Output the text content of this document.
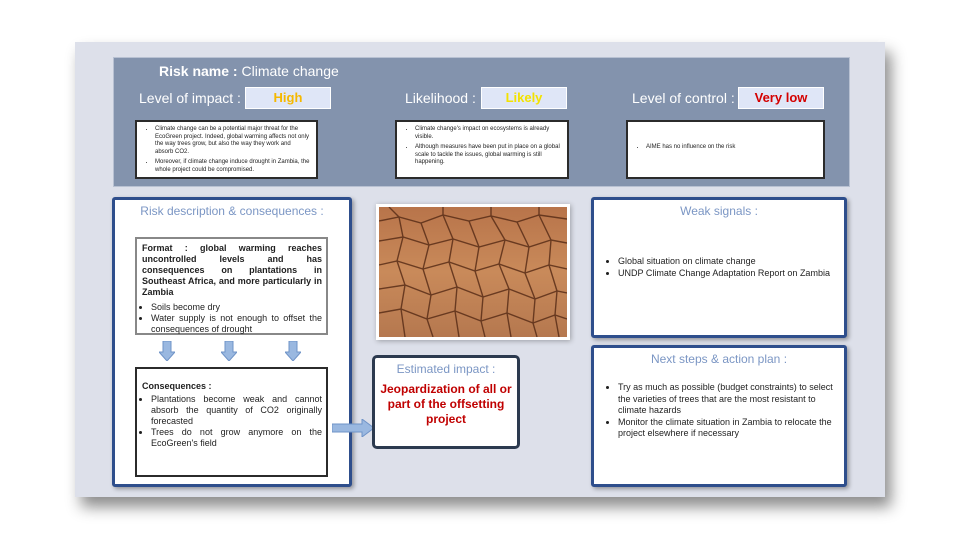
Risk name : Climate change
Level of impact :	High	Likelihood :	Likely	Level of control :	Very low
• Climate change can be a potential major threat for the EcoGreen project. Indeed, global warming affects not only the way trees grow, but also the way they work and absorb CO2.
• Moreover, if climate change induce drought in Zambia, the whole project could be compromised.
• Climate change's impact on ecosystems is already visible.
• Although measures have been put in place on a global scale to tackle the issues, global warming is still happening.
• AIME has no influence on the risk
Risk description & consequences :
Format : global warming reaches uncontrolled levels and has consequences on plantations in Southeast Africa, and more particularly in Zambia
• Soils become dry
• Water supply is not enough to offset the consequences of drought
Consequences :
• Plantations become weak and cannot absorb the quantity of CO2 originally forecasted
• Trees do not grow anymore on the EcoGreen's field
Estimated impact :
Jeopardization of all or part of the offsetting project
Weak signals :
• Global situation on climate change
• UNDP Climate Change Adaptation Report on Zambia
Next steps & action plan :
• Try as much as possible (budget constraints) to select the varieties of trees that are the most resistant to climate hazards
• Monitor the climate situation in Zambia to relocate the project elsewhere if necessary
